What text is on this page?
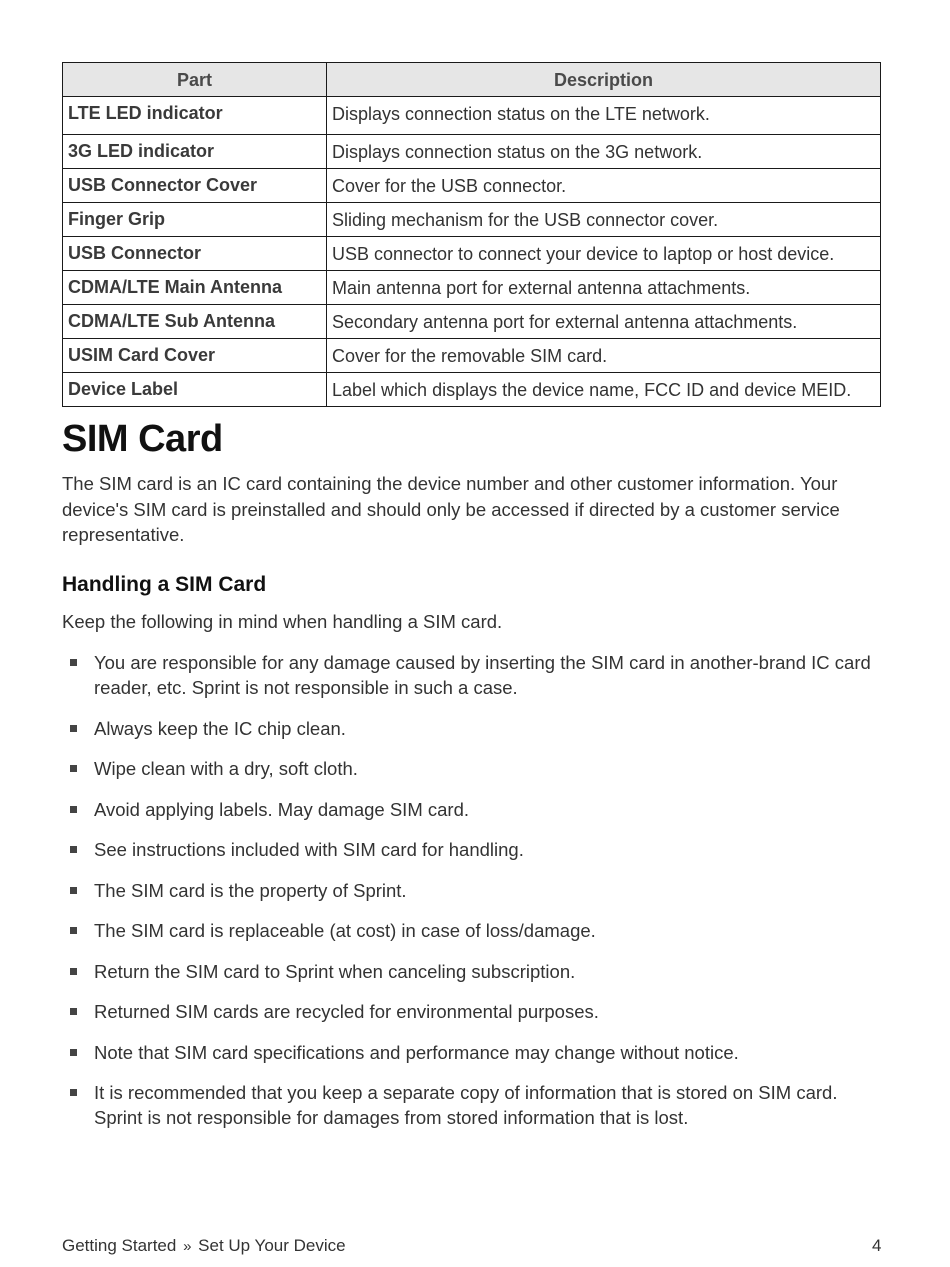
Part	Description
LTE LED indicator	Displays connection status on the LTE network.
3G LED indicator	Displays connection status on the 3G network.
USB Connector Cover	Cover for the USB connector.
Finger Grip	Sliding mechanism for the USB connector cover.
USB Connector	USB connector to connect your device to laptop or host device.
CDMA/LTE Main Antenna	Main antenna port for external antenna attachments.
CDMA/LTE Sub Antenna	Secondary antenna port for external antenna attachments.
USIM Card Cover	Cover for the removable SIM card.
Device Label	Label which displays the device name, FCC ID and device MEID.
SIM Card

The SIM card is an IC card containing the device number and other customer information. Your device's SIM card is preinstalled and should only be accessed if directed by a customer service representative.

Handling a SIM Card

Keep the following in mind when handling a SIM card.

You are responsible for any damage caused by inserting the SIM card in another-brand IC card reader, etc. Sprint is not responsible in such a case.
Always keep the IC chip clean.
Wipe clean with a dry, soft cloth.
Avoid applying labels. May damage SIM card.
See instructions included with SIM card for handling.
The SIM card is the property of Sprint.
The SIM card is replaceable (at cost) in case of loss/damage.
Return the SIM card to Sprint when canceling subscription.
Returned SIM cards are recycled for environmental purposes.
Note that SIM card specifications and performance may change without notice.
It is recommended that you keep a separate copy of information that is stored on SIM card. Sprint is not responsible for damages from stored information that is lost.
Getting Started » Set Up Your Device	4
